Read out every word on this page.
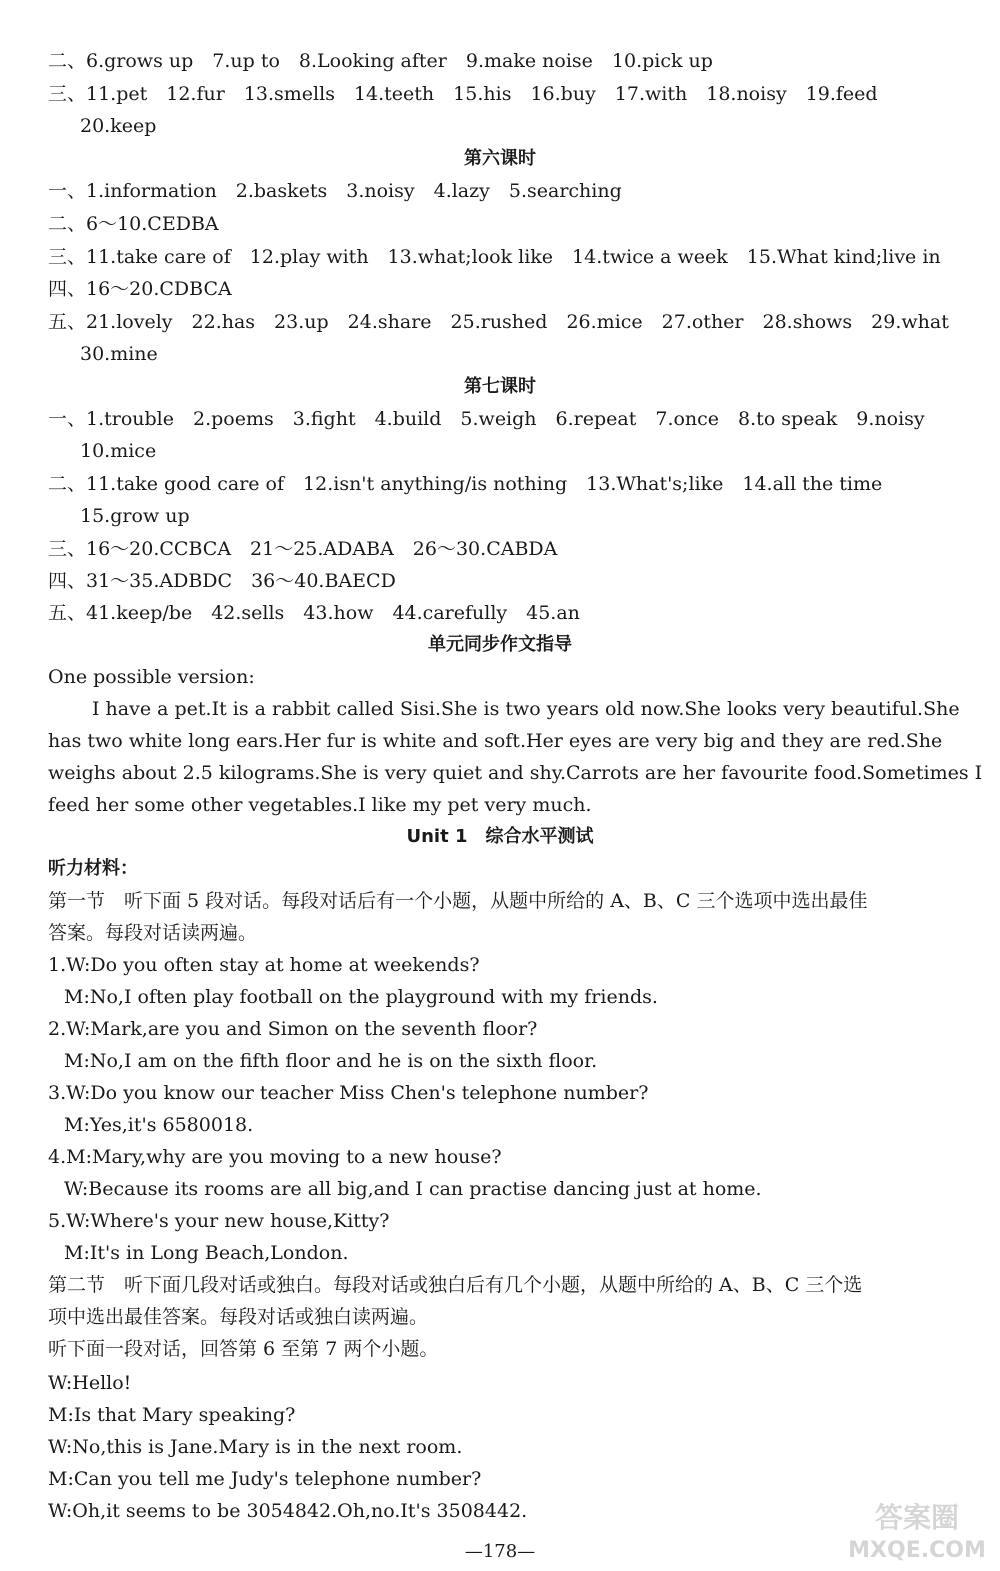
二、6.grows up　7.up to　8.Looking after　9.make noise　10.pick up
三、11.pet　12.fur　13.smells　14.teeth　15.his　16.buy　17.with　18.noisy　19.feed
20.keep
第六课时
一、1.information　2.baskets　3.noisy　4.lazy　5.searching
二、6～10.CEDBA
三、11.take care of　12.play with　13.what;look like　14.twice a week　15.What kind;live in
四、16～20.CDBCA
五、21.lovely　22.has　23.up　24.share　25.rushed　26.mice　27.other　28.shows　29.what
30.mine
第七课时
一、1.trouble　2.poems　3.fight　4.build　5.weigh　6.repeat　7.once　8.to speak　9.noisy
10.mice
二、11.take good care of　12.isn't anything/is nothing　13.What's;like　14.all the time
15.grow up
三、16～20.CCBCA　21～25.ADABA　26～30.CABDA
四、31～35.ADBDC　36～40.BAECD
五、41.keep/be　42.sells　43.how　44.carefully　45.an
单元同步作文指导
One possible version:
I have a pet.It is a rabbit called Sisi.She is two years old now.She looks very beautiful.She
has two white long ears.Her fur is white and soft.Her eyes are very big and they are red.She
weighs about 2.5 kilograms.She is very quiet and shy.Carrots are her favourite food.Sometimes I
feed her some other vegetables.I like my pet very much.
Unit 1　综合水平测试
听力材料：
第一节　听下面 5 段对话。每段对话后有一个小题，从题中所给的 A、B、C 三个选项中选出最佳
答案。每段对话读两遍。
1.W:Do you often stay at home at weekends?
M:No,I often play football on the playground with my friends.
2.W:Mark,are you and Simon on the seventh floor?
M:No,I am on the fifth floor and he is on the sixth floor.
3.W:Do you know our teacher Miss Chen's telephone number?
M:Yes,it's 6580018.
4.M:Mary,why are you moving to a new house?
W:Because its rooms are all big,and I can practise dancing just at home.
5.W:Where's your new house,Kitty?
M:It's in Long Beach,London.
第二节　听下面几段对话或独白。每段对话或独白后有几个小题，从题中所给的 A、B、C 三个选
项中选出最佳答案。每段对话或独白读两遍。
听下面一段对话，回答第 6 至第 7 两个小题。
W:Hello!
M:Is that Mary speaking?
W:No,this is Jane.Mary is in the next room.
M:Can you tell me Judy's telephone number?
W:Oh,it seems to be 3054842.Oh,no.It's 3508442.
—178—
答案圈
MXQE.COM
